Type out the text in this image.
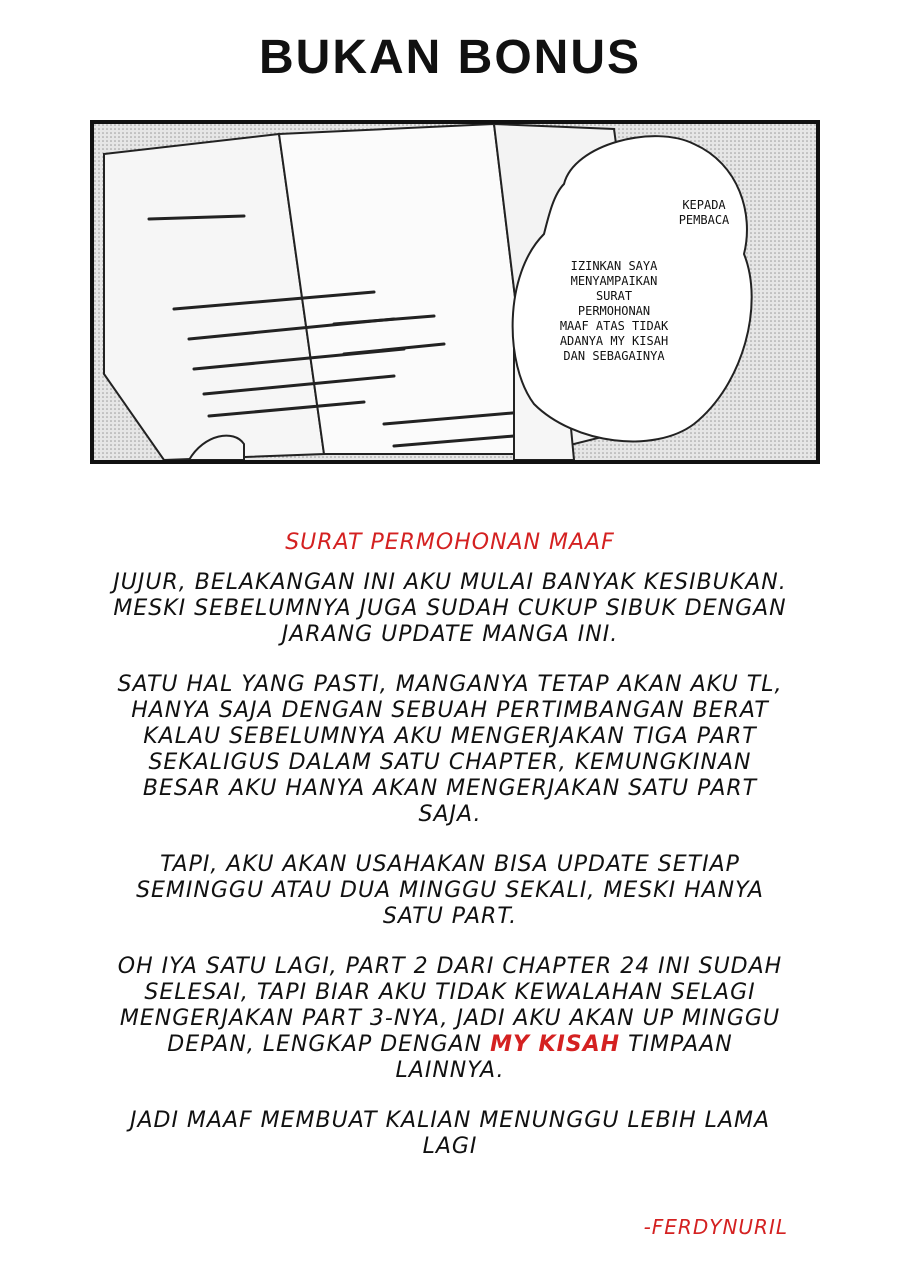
BUKAN BONUS
KEPADA
PEMBACA
IZINKAN SAYA
MENYAMPAIKAN
SURAT
PERMOHONAN
MAAF ATAS TIDAK
ADANYA MY KISAH
DAN SEBAGAINYA
SURAT PERMOHONAN MAAF

JUJUR, BELAKANGAN INI AKU MULAI BANYAK KESIBUKAN. MESKI SEBELUMNYA JUGA SUDAH CUKUP SIBUK DENGAN JARANG UPDATE MANGA INI.

SATU HAL YANG PASTI, MANGANYA TETAP AKAN AKU TL, HANYA SAJA DENGAN SEBUAH PERTIMBANGAN BERAT KALAU SEBELUMNYA AKU MENGERJAKAN TIGA PART SEKALIGUS DALAM SATU CHAPTER, KEMUNGKINAN BESAR AKU HANYA AKAN MENGERJAKAN SATU PART SAJA.

TAPI, AKU AKAN USAHAKAN BISA UPDATE SETIAP SEMINGGU ATAU DUA MINGGU SEKALI, MESKI HANYA SATU PART.

OH IYA SATU LAGI, PART 2 DARI CHAPTER 24 INI SUDAH SELESAI, TAPI BIAR AKU TIDAK KEWALAHAN SELAGI MENGERJAKAN PART 3-NYA, JADI AKU AKAN UP MINGGU DEPAN, LENGKAP DENGAN MY KISAH TIMPAAN LAINNYA.

JADI MAAF MEMBUAT KALIAN MENUNGGU LEBIH LAMA LAGI

-FERDYNURIL
